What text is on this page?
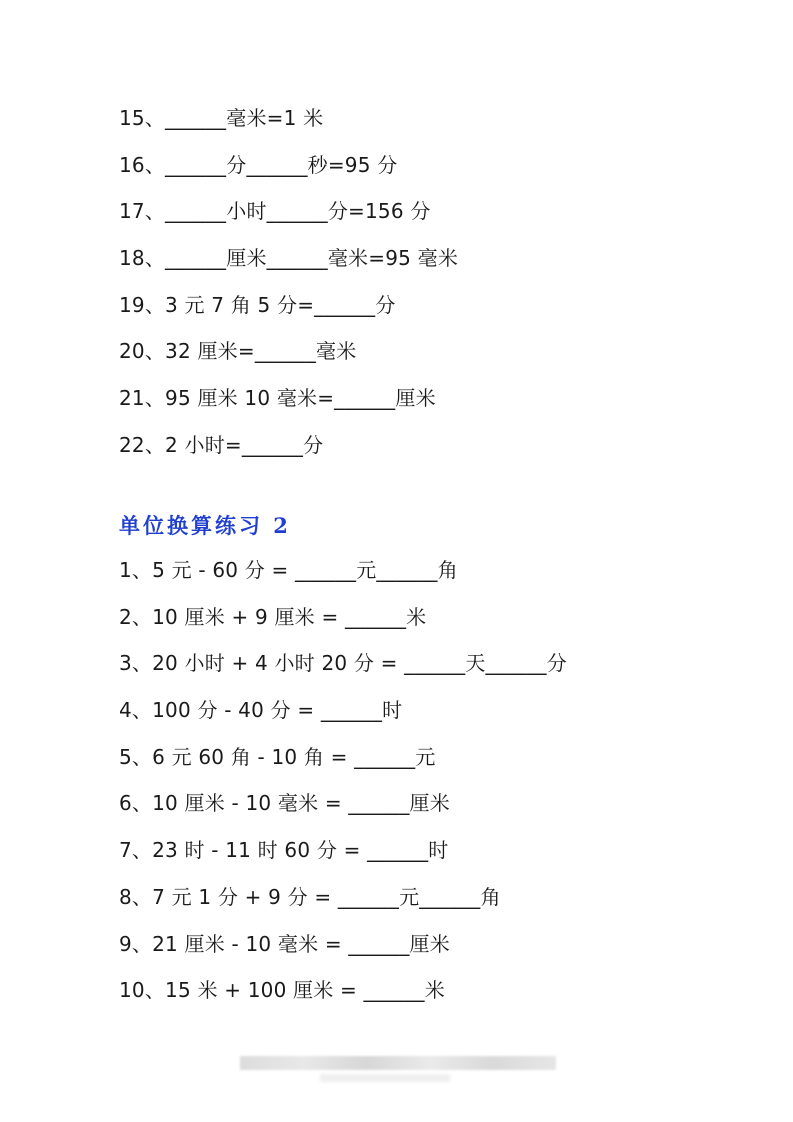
15、______毫米=1 米
16、______分______秒=95 分
17、______小时______分=156 分
18、______厘米______毫米=95 毫米
19、3 元 7 角 5 分=______分
20、32 厘米=______毫米
21、95 厘米 10 毫米=______厘米
22、2 小时=______分
单位换算练习 2
1、5 元 - 60 分 = ______元______角
2、10 厘米 + 9 厘米 = ______米
3、20 小时 + 4 小时 20 分 = ______天______分
4、100 分 - 40 分 = ______时
5、6 元 60 角 - 10 角 = ______元
6、10 厘米 - 10 毫米 = ______厘米
7、23 时 - 11 时 60 分 = ______时
8、7 元 1 分 + 9 分 = ______元______角
9、21 厘米 - 10 毫米 = ______厘米
10、15 米 + 100 厘米 = ______米
